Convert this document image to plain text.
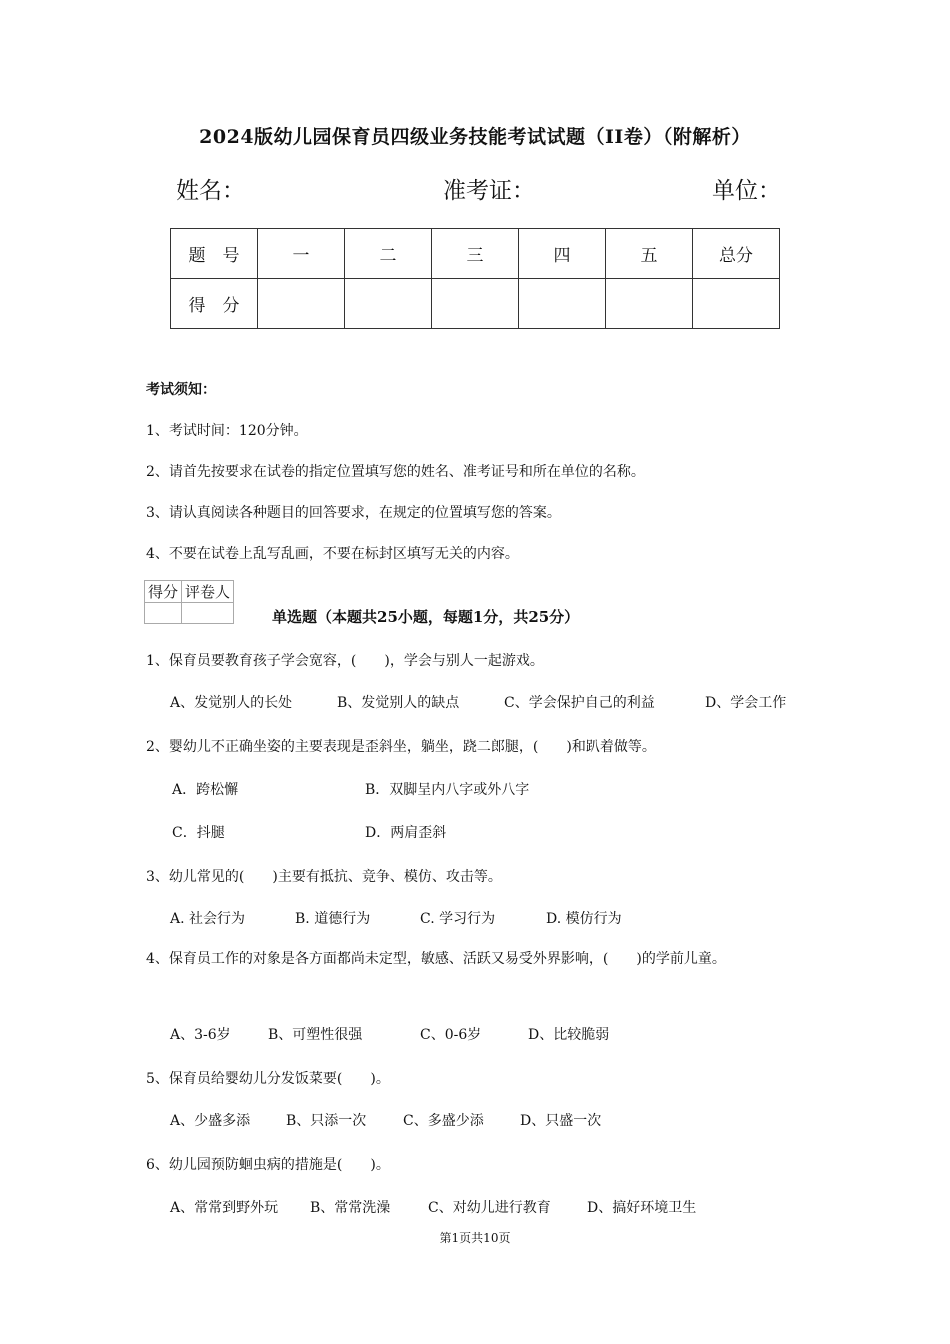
2024版幼儿园保育员四级业务技能考试试题（II卷）（附解析）
姓名：	准考证：	单位：
题　号	一	二	三	四	五	总分
得　分						
考试须知：
1、考试时间：120分钟。
2、请首先按要求在试卷的指定位置填写您的姓名、准考证号和所在单位的名称。
3、请认真阅读各种题目的回答要求，在规定的位置填写您的答案。
4、不要在试卷上乱写乱画，不要在标封区填写无关的内容。
得分	评卷人

单选题（本题共25小题，每题1分，共25分）
1、保育员要教育孩子学会宽容，(　　)，学会与别人一起游戏。
A、发觉别人的长处	B、发觉别人的缺点	C、学会保护自己的利益	D、学会工作
2、婴幼儿不正确坐姿的主要表现是歪斜坐，躺坐，跷二郎腿，(　　)和趴着做等。
A．跨松懈	B．双脚呈内八字或外八字
C．抖腿	D．两肩歪斜
3、幼儿常见的(　　)主要有抵抗、竞争、模仿、攻击等。
A. 社会行为	B. 道德行为	C. 学习行为	D. 模仿行为
4、保育员工作的对象是各方面都尚未定型，敏感、活跃又易受外界影响，(　　)的学前儿童。
A、3-6岁	B、可塑性很强	C、0-6岁	D、比较脆弱
5、保育员给婴幼儿分发饭菜要(　　)。
A、少盛多添	B、只添一次	C、多盛少添	D、只盛一次
6、幼儿园预防蛔虫病的措施是(　　)。
A、常常到野外玩 B、常常洗澡	C、对幼儿进行教育	D、搞好环境卫生
第1页共10页
